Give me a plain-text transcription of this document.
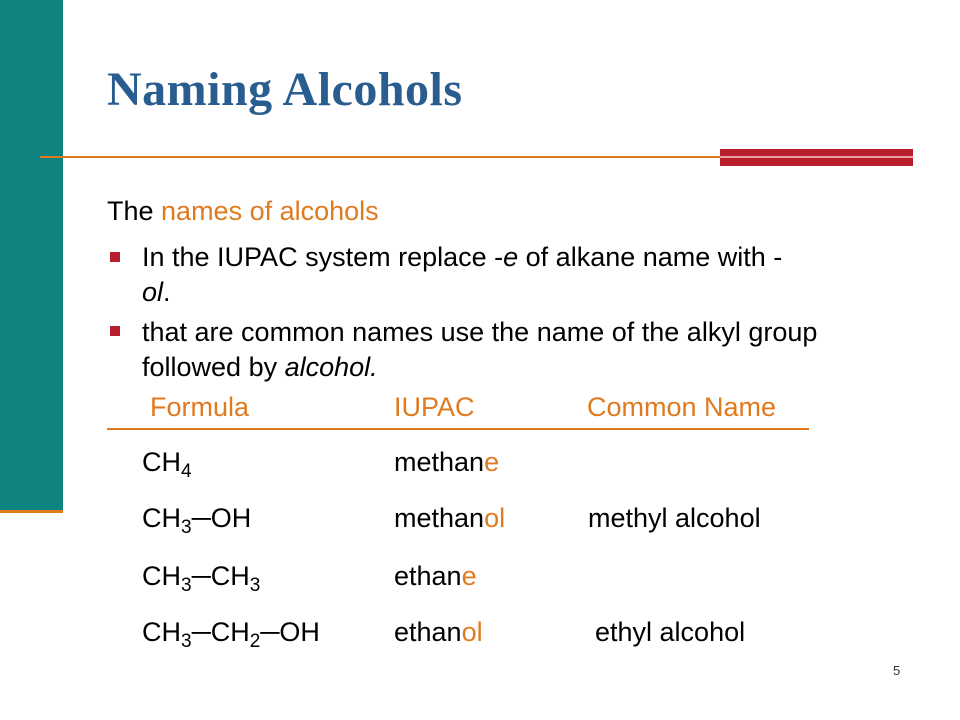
Naming Alcohols
The names of alcohols
In the IUPAC system replace -e of alkane name with -
ol.
that are common names use the name of the alkyl group followed by alcohol.
Formula	IUPAC	Common Name
$CH_4$	methane
$CH_3─OH$	methanol	methyl alcohol
$CH_3─CH_3$	ethane
$CH_3─CH_2─OH$	ethanol	ethyl alcohol
5
